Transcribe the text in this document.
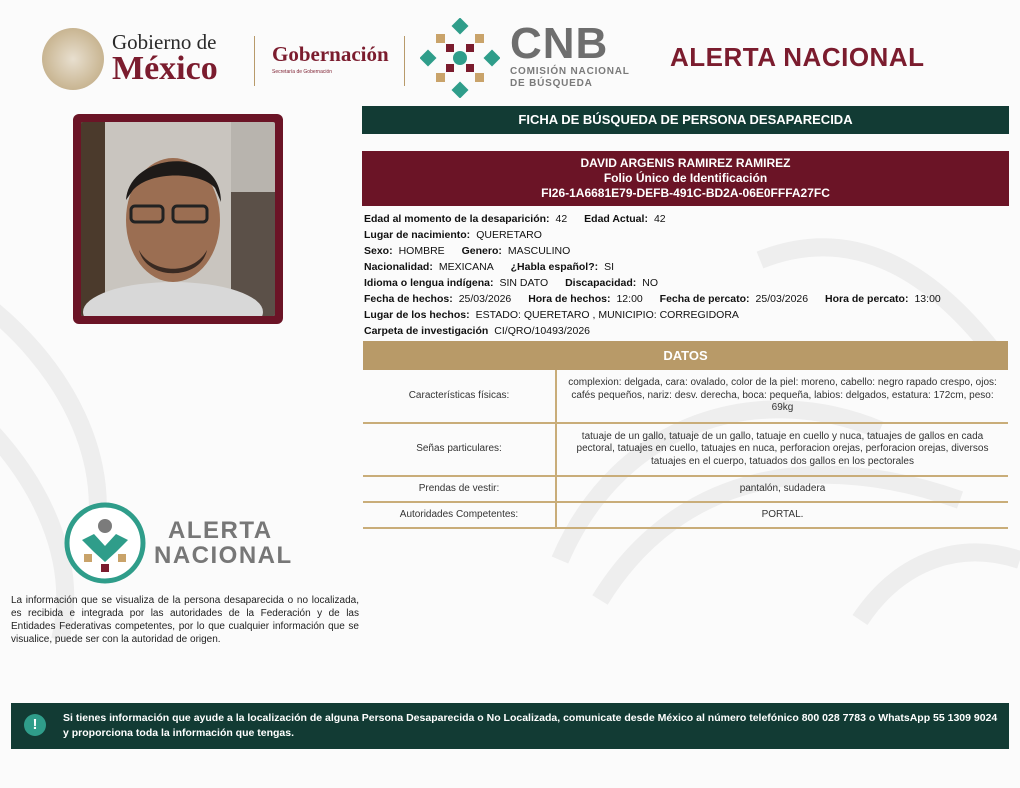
Gobierno de
México	Gobernación
Secretaría de Gobernación
CNB
COMISIÓN NACIONAL
DE BÚSQUEDA
ALERTA NACIONAL
FICHA DE BÚSQUEDA DE PERSONA DESAPARECIDA
DAVID ARGENIS RAMIREZ RAMIREZ
Folio Único de Identificación
FI26-1A6681E79-DEFB-491C-BD2A-06E0FFFA27FC
Edad al momento de la desaparición: 42 Edad Actual: 42
Lugar de nacimiento: QUERETARO
Sexo: HOMBRE Genero: MASCULINO
Nacionalidad: MEXICANA ¿Habla español?: SI
Idioma o lengua indígena: SIN DATO Discapacidad: NO
Fecha de hechos: 25/03/2026 Hora de hechos: 12:00 Fecha de percato: 25/03/2026 Hora de percato: 13:00
Lugar de los hechos: ESTADO: QUERETARO , MUNICIPIO: CORREGIDORA
Carpeta de investigación CI/QRO/10493/2026
DATOS
Características físicas:	complexion: delgada, cara: ovalado, color de la piel: moreno, cabello: negro rapado crespo, ojos: cafés pequeños, nariz: desv. derecha, boca: pequeña, labios: delgados, estatura: 172cm, peso: 69kg
Señas particulares:	tatuaje de un gallo, tatuaje de un gallo, tatuaje en cuello y nuca, tatuajes de gallos en cada pectoral, tatuajes en cuello, tatuajes en nuca, perforacion orejas, perforacion orejas, diversos tatuajes en el cuerpo, tatuados dos gallos en los pectorales
Prendas de vestir:	pantalón, sudadera
Autoridades Competentes:	PORTAL.
ALERTA
NACIONAL
La información que se visualiza de la persona desaparecida o no localizada, es recibida e integrada por las autoridades de la Federación y de las Entidades Federativas competentes, por lo que cualquier información que se visualice, puede ser con la autoridad de origen.
Si tienes información que ayude a la localización de alguna Persona Desaparecida o No Localizada, comunicate desde México al número telefónico 800 028 7783 o WhatsApp 55 1309 9024 y proporciona toda la información que tengas.
!
